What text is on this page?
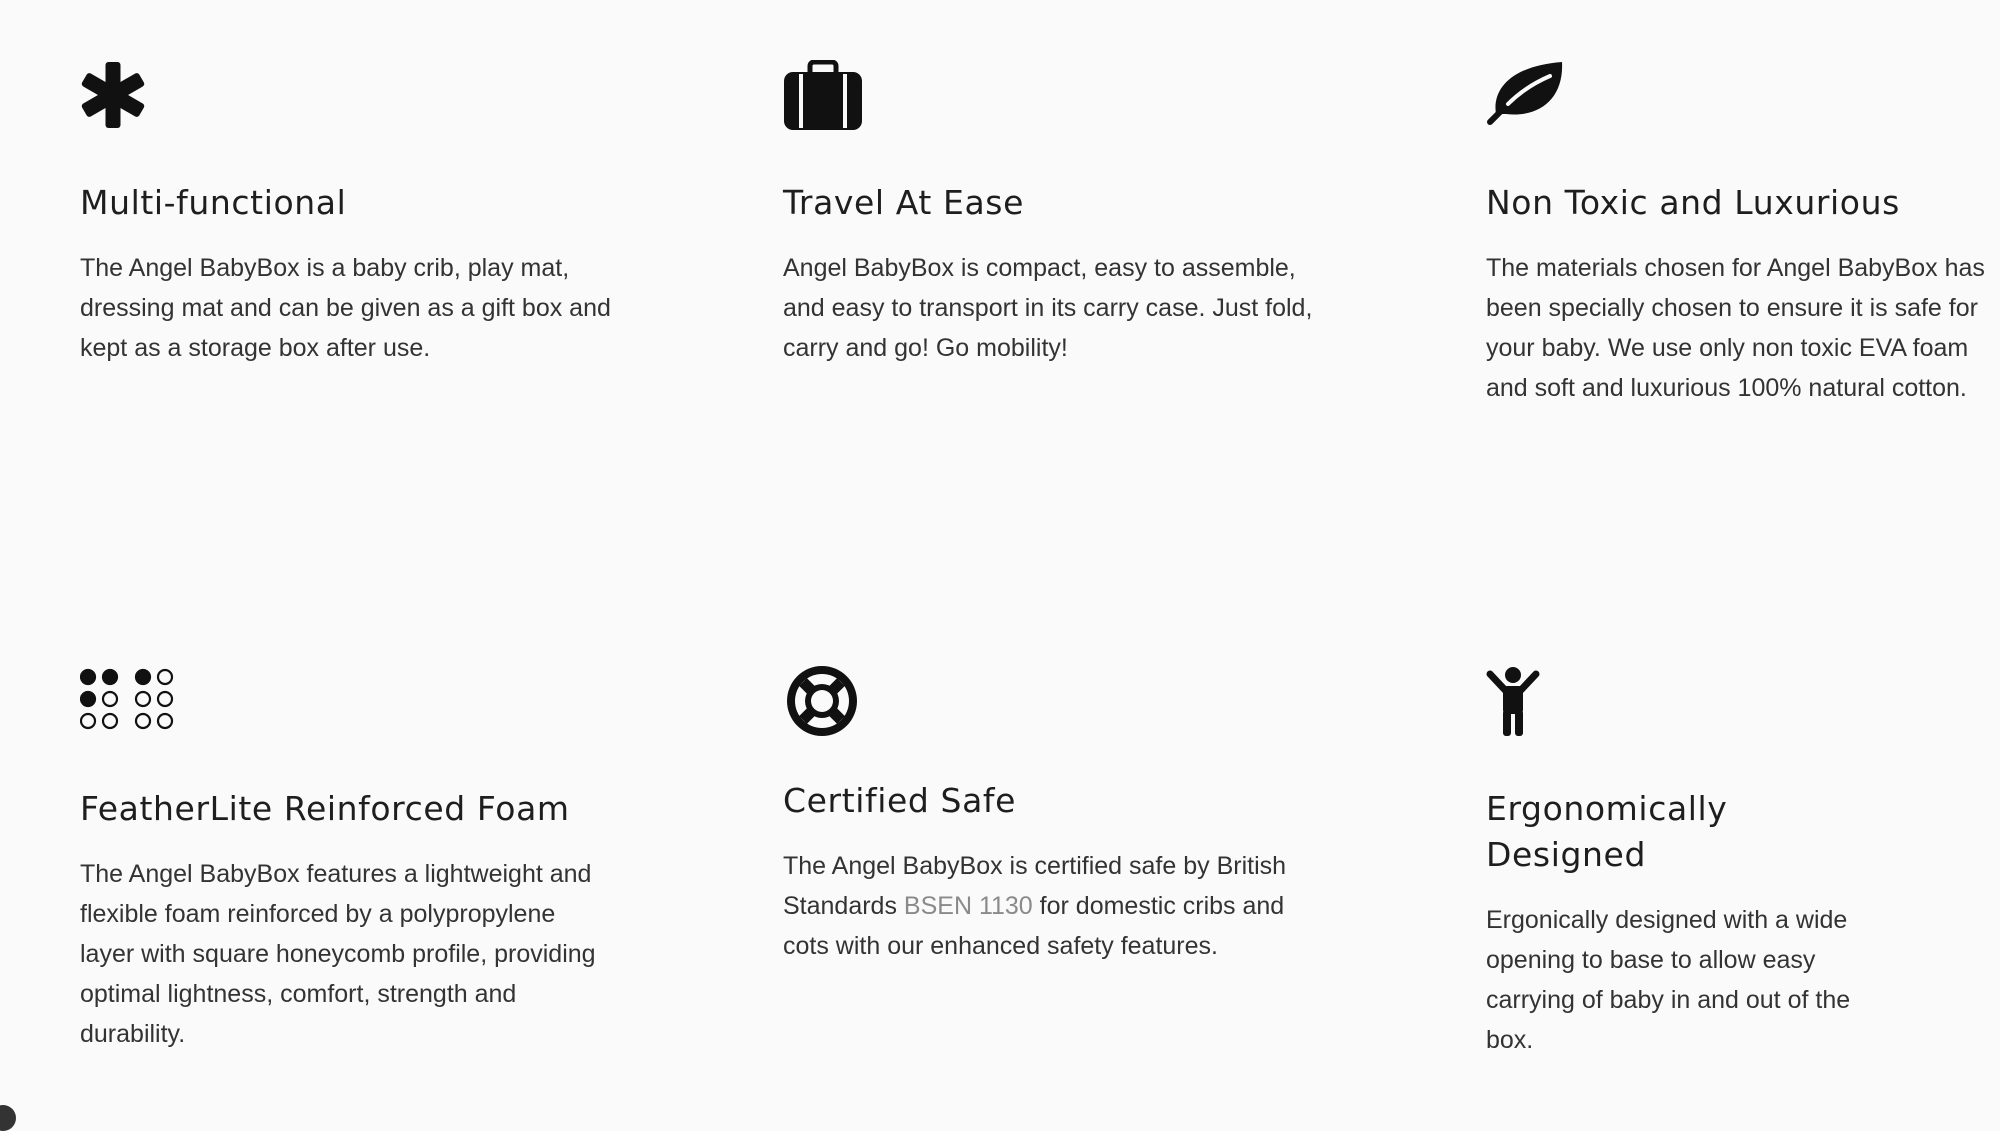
Multi-functional

The Angel BabyBox is a baby crib, play mat, dressing mat and can be given as a gift box and kept as a storage box after use.

Travel At Ease

Angel BabyBox is compact, easy to assemble, and easy to transport in its carry case. Just fold, carry and go! Go mobility!

Non Toxic and Luxurious

The materials chosen for Angel BabyBox has been specially chosen to ensure it is safe for your baby. We use only non toxic EVA foam and soft and luxurious 100% natural cotton.

FeatherLite Reinforced Foam

The Angel BabyBox features a lightweight and flexible foam reinforced by a polypropylene layer with square honeycomb profile, providing optimal lightness, comfort, strength and durability.

Certified Safe

The Angel BabyBox is certified safe by British Standards BSEN 1130 for domestic cribs and cots with our enhanced safety features.

Ergonomically Designed

Ergonically designed with a wide opening to base to allow easy carrying of baby in and out of the box.
